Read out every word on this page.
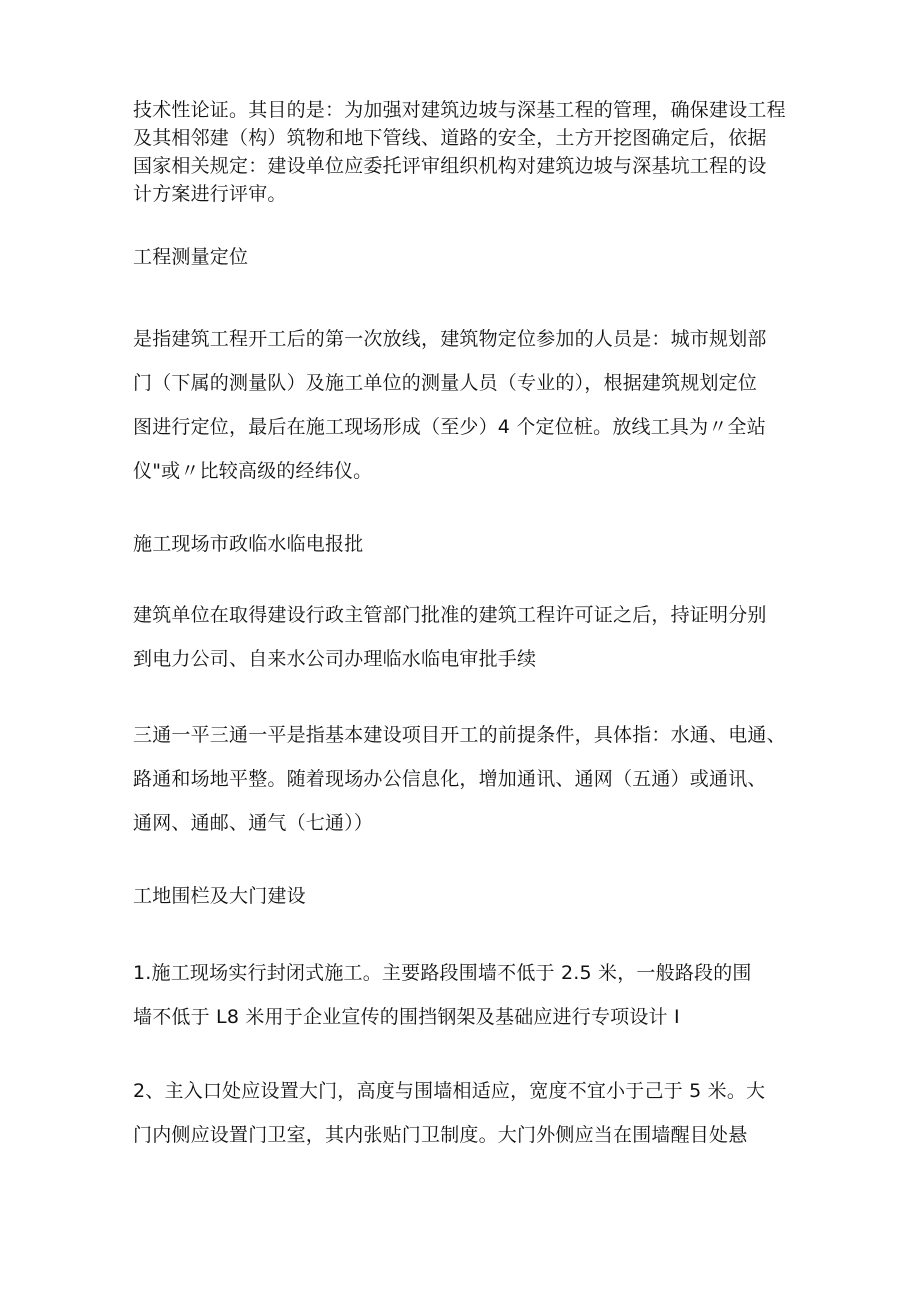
技术性论证。其目的是：为加强对建筑边坡与深基工程的管理，确保建设工程
及其相邻建（构）筑物和地下管线、道路的安全，土方开挖图确定后，依据
国家相关规定：建设单位应委托评审组织机构对建筑边坡与深基坑工程的设
计方案进行评审。
工程测量定位
是指建筑工程开工后的第一次放线，建筑物定位参加的人员是：城市规划部
门（下属的测量队）及施工单位的测量人员（专业的），根据建筑规划定位
图进行定位，最后在施工现场形成（至少）4 个定位桩。放线工具为〃全站
仪"或〃比较高级的经纬仪。
施工现场市政临水临电报批
建筑单位在取得建设行政主管部门批准的建筑工程许可证之后，持证明分别
到电力公司、自来水公司办理临水临电审批手续
三通一平三通一平是指基本建设项目开工的前提条件，具体指：水通、电通、
路通和场地平整。随着现场办公信息化，增加通讯、通网（五通）或通讯、
通网、通邮、通气（七通））
工地围栏及大门建设
1.施工现场实行封闭式施工。主要路段围墙不低于 2.5 米，一般路段的围
墙不低于 L8 米用于企业宣传的围挡钢架及基础应进行专项设计 I
2、主入口处应设置大门，高度与围墙相适应，宽度不宜小于己于 5 米。大
门内侧应设置门卫室，其内张贴门卫制度。大门外侧应当在围墙醒目处悬
